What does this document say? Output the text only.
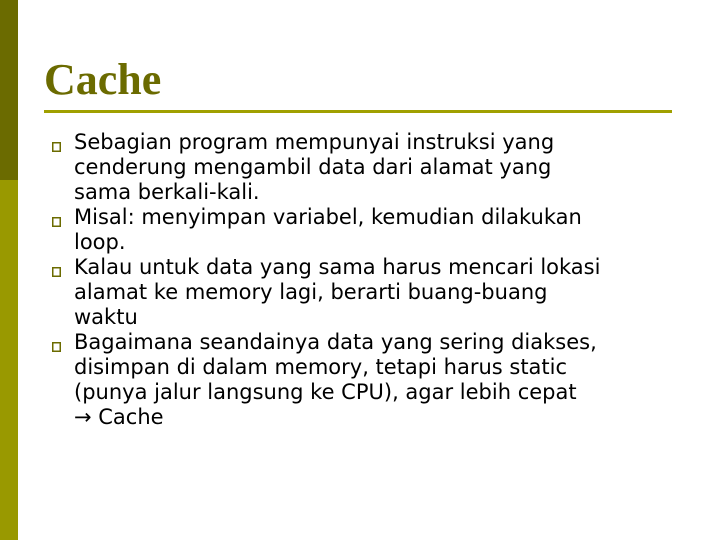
Cache
Sebagian program mempunyai instruksi yang
cenderung mengambil data dari alamat yang
sama berkali-kali.
Misal: menyimpan variabel, kemudian dilakukan
loop.
Kalau untuk data yang sama harus mencari lokasi
alamat ke memory lagi, berarti buang-buang
waktu
Bagaimana seandainya data yang sering diakses,
disimpan di dalam memory, tetapi harus static
(punya jalur langsung ke CPU), agar lebih cepat
→ Cache
